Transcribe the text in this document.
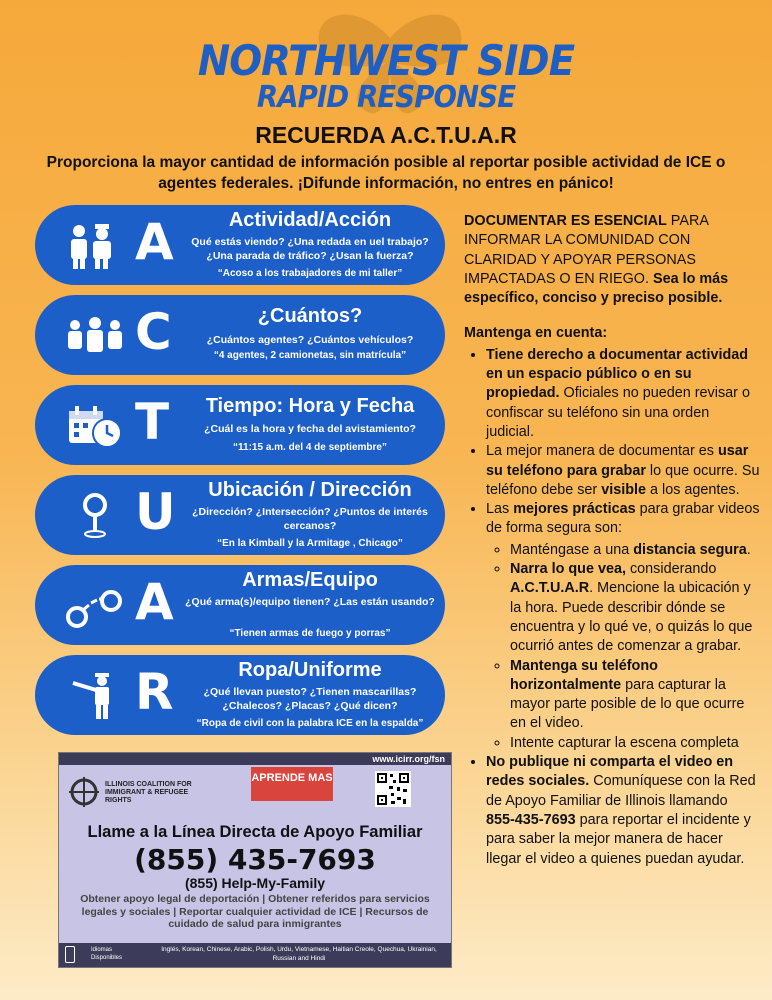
NORTHWEST SIDE
RAPID RESPONSE
RECUERDA A.C.T.U.A.R
Proporciona la mayor cantidad de información posible al reportar posible actividad de ICE o agentes federales. ¡Difunde información, no entres en pánico!
A	Actividad/Acción
Qué estás viendo? ¿Una redada en uel trabajo? ¿Una parada de tráfico? ¿Usan la fuerza?
“Acoso a los trabajadores de mi taller”
C	¿Cuántos?
¿Cuántos agentes? ¿Cuántos vehículos?
“4 agentes, 2 camionetas, sin matrícula”
T	Tiempo: Hora y Fecha
¿Cuál es la hora y fecha del avistamiento?
“11:15 a.m. del 4 de septiembre”
U	Ubicación / Dirección
¿Dirección? ¿Intersección? ¿Puntos de interés cercanos?
“En la Kimball y la Armitage , Chicago”
A	Armas/Equipo
¿Qué arma(s)/equipo tienen? ¿Las están usando?
“Tienen armas de fuego y porras”
R	Ropa/Uniforme
¿Qué llevan puesto? ¿Tienen mascarillas? ¿Chalecos? ¿Placas? ¿Qué dicen?
“Ropa de civil con la palabra ICE en la espalda”
DOCUMENTAR ES ESENCIAL PARA INFORMAR LA COMUNIDAD CON CLARIDAD Y APOYAR PERSONAS IMPACTADAS O EN RIEGO. Sea lo más específico, conciso y preciso posible.
Mantenga en cuenta:
• Tiene derecho a documentar actividad en un espacio público o en su propiedad. Oficiales no pueden revisar o confiscar su teléfono sin una orden judicial.
• La mejor manera de documentar es usar su teléfono para grabar lo que ocurre. Su teléfono debe ser visible a los agentes.
• Las mejores prácticas para grabar videos de forma segura son:
◦ Manténgase a una distancia segura.
◦ Narra lo que vea, considerando A.C.T.U.A.R. Mencione la ubicación y la hora. Puede describir dónde se encuentra y lo qué ve, o quizás lo que ocurrió antes de comenzar a grabar.
◦ Mantenga su teléfono horizontalmente para capturar la mayor parte posible de lo que ocurre en el video.
◦ Intente capturar la escena completa
• No publique ni comparta el video en redes sociales. Comuníquese con la Red de Apoyo Familiar de Illinois llamando 855-435-7693 para reportar el incidente y para saber la mejor manera de hacer llegar el video a quienes puedan ayudar.
www.icirr.org/fsn
ILLINOIS COALITION FOR IMMIGRANT & REFUGEE RIGHTS
APRENDE MAS
Llame a la Línea Directa de Apoyo Familiar
(855) 435-7693
(855) Help-My-Family
Obtener apoyo legal de deportación | Obtener referidos para servicios legales y sociales | Reportar cualquier actividad de ICE | Recursos de cuidado de salud para inmigrantes
Idiomas Disponibles
Inglés, Korean, Chinese, Arabic, Polish, Urdu, Vietnamese, Haitian Creole, Quechua, Ukrainian, Russian and Hindi
